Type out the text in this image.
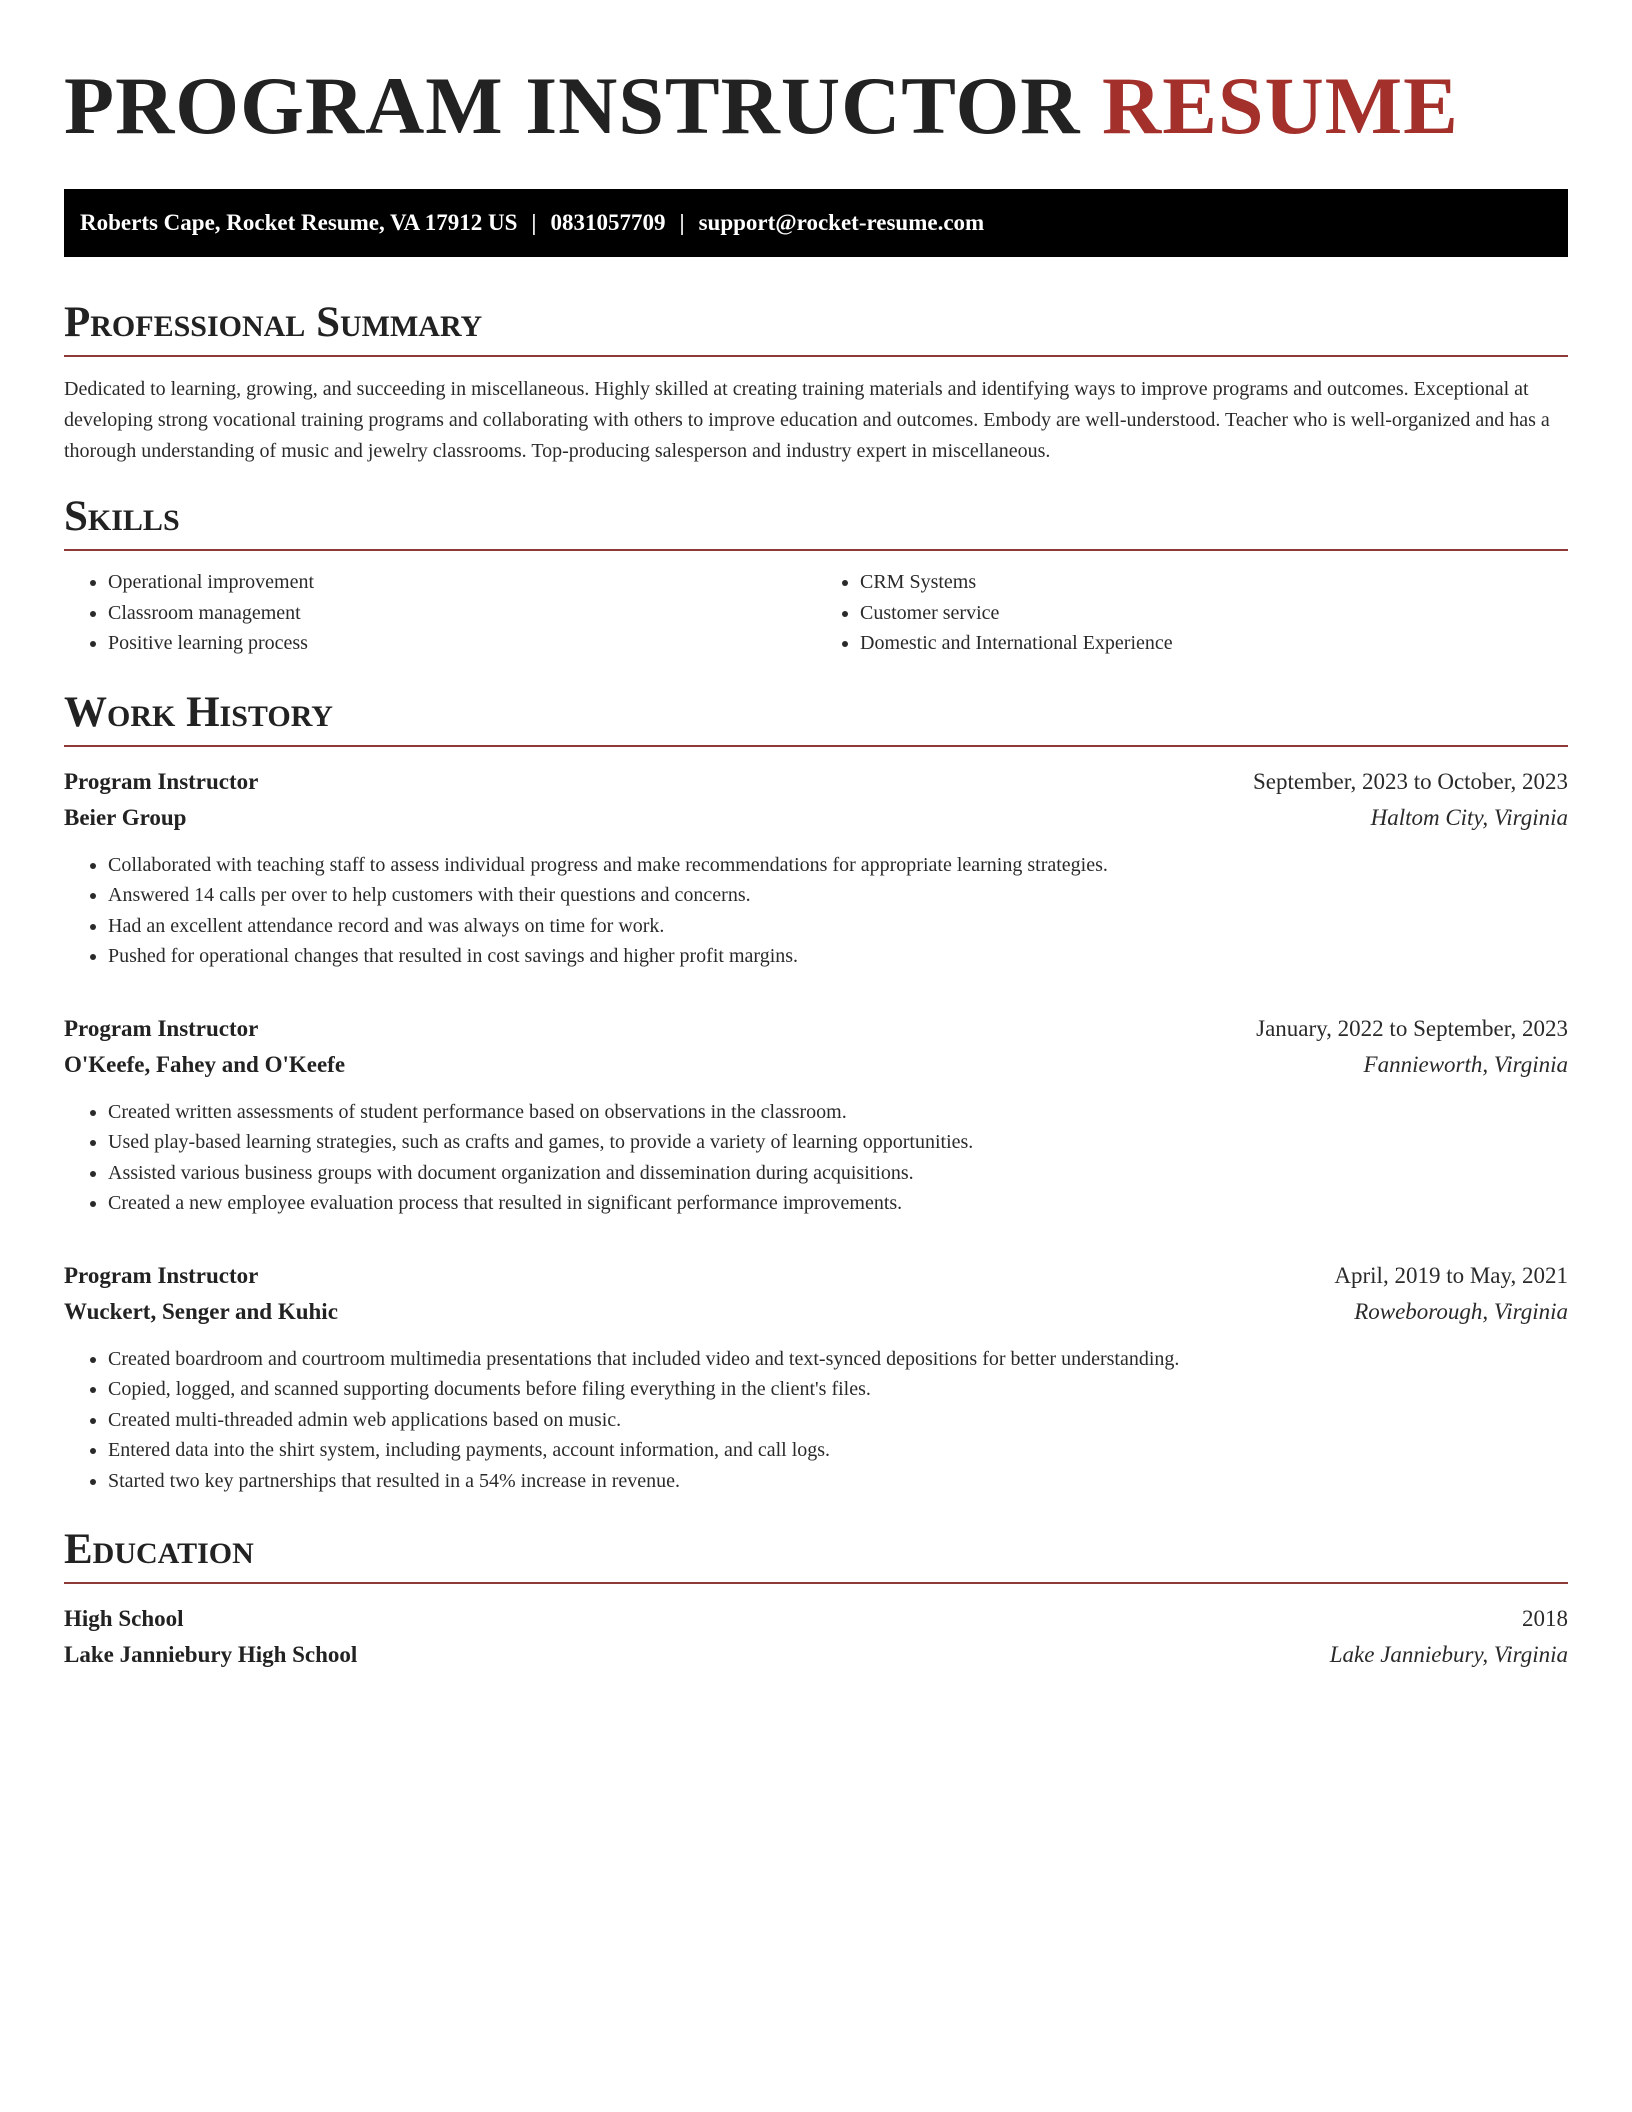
PROGRAM INSTRUCTOR RESUME
Roberts Cape, Rocket Resume, VA 17912 US | 0831057709 | support@rocket-resume.com
Professional Summary

Dedicated to learning, growing, and succeeding in miscellaneous. Highly skilled at creating training materials and identifying ways to improve programs and outcomes. Exceptional at developing strong vocational training programs and collaborating with others to improve education and outcomes. Embody are well-understood. Teacher who is well-organized and has a thorough understanding of music and jewelry classrooms. Top-producing salesperson and industry expert in miscellaneous.

Skills
• Operational improvement
• Classroom management
• Positive learning process
• CRM Systems
• Customer service
• Domestic and International Experience
Work History
Program Instructor	September, 2023 to October, 2023
Beier Group	Haltom City, Virginia
• Collaborated with teaching staff to assess individual progress and make recommendations for appropriate learning strategies.
• Answered 14 calls per over to help customers with their questions and concerns.
• Had an excellent attendance record and was always on time for work.
• Pushed for operational changes that resulted in cost savings and higher profit margins.
Program Instructor	January, 2022 to September, 2023
O'Keefe, Fahey and O'Keefe	Fannieworth, Virginia
• Created written assessments of student performance based on observations in the classroom.
• Used play-based learning strategies, such as crafts and games, to provide a variety of learning opportunities.
• Assisted various business groups with document organization and dissemination during acquisitions.
• Created a new employee evaluation process that resulted in significant performance improvements.
Program Instructor	April, 2019 to May, 2021
Wuckert, Senger and Kuhic	Roweborough, Virginia
• Created boardroom and courtroom multimedia presentations that included video and text-synced depositions for better understanding.
• Copied, logged, and scanned supporting documents before filing everything in the client's files.
• Created multi-threaded admin web applications based on music.
• Entered data into the shirt system, including payments, account information, and call logs.
• Started two key partnerships that resulted in a 54% increase in revenue.
Education
High School	2018
Lake Janniebury High School	Lake Janniebury, Virginia
